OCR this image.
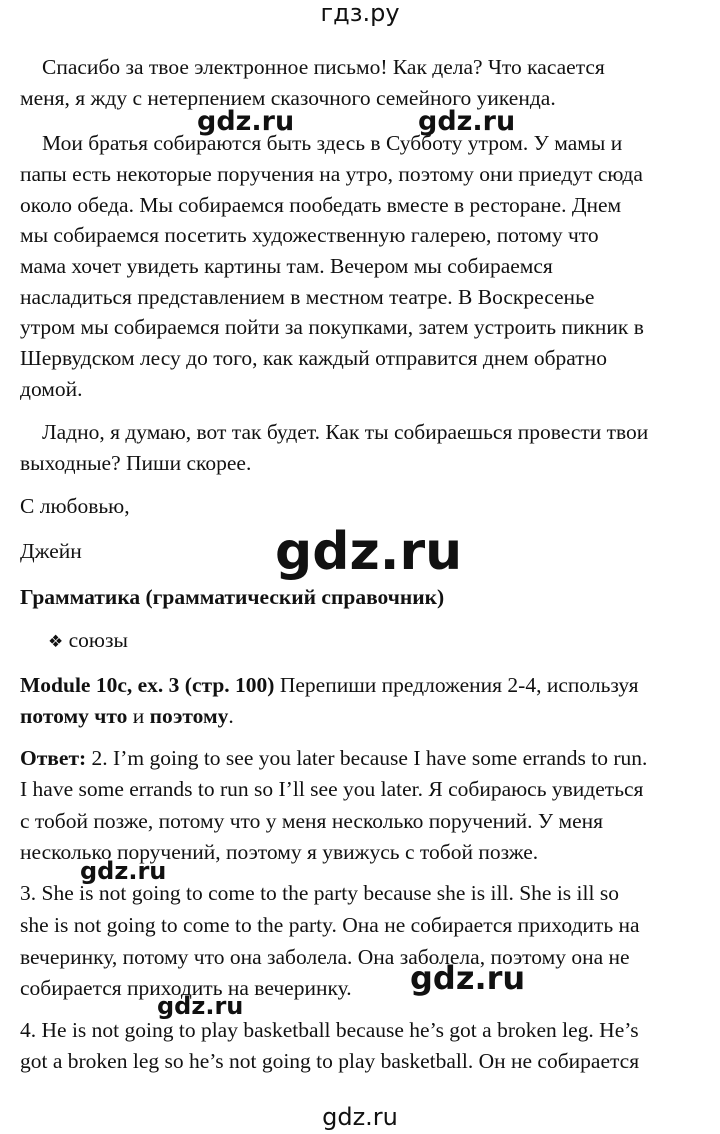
гдз.ру
Спасибо за твое электронное письмо! Как дела? Что касается
меня, я жду с нетерпением сказочного семейного уикенда.
Мои братья собираются быть здесь в Субботу утром. У мамы и
папы есть некоторые поручения на утро, поэтому они приедут сюда
около обеда. Мы собираемся пообедать вместе в ресторане. Днем
мы собираемся посетить художественную галерею, потому что
мама хочет увидеть картины там. Вечером мы собираемся
насладиться представлением в местном театре. В Воскресенье
утром мы собираемся пойти за покупками, затем устроить пикник в
Шервудском лесу до того, как каждый отправится днем обратно
домой.
Ладно, я думаю, вот так будет. Как ты собираешься провести твои
выходные? Пиши скорее.
С любовью,
Джейн
Грамматика (грамматический справочник)
❖ союзы
Module 10c, ex. 3 (стр. 100) Перепиши предложения 2-4, используя
потому что и поэтому.
Ответ: 2. I’m going to see you later because I have some errands to run.
I have some errands to run so I’ll see you later. Я собираюсь увидеться
с тобой позже, потому что у меня несколько поручений. У меня
несколько поручений, поэтому я увижусь с тобой позже.
3. She is not going to come to the party because she is ill. She is ill so
she is not going to come to the party. Она не собирается приходить на
вечеринку, потому что она заболела. Она заболела, поэтому она не
собирается приходить на вечеринку.
4. He is not going to play basketball because he’s got a broken leg. He’s
got a broken leg so he’s not going to play basketball. Он не собирается
gdz.ru	gdz.ru
gdz.ru
gdz.ru
gdz.ru
gdz.ru
gdz.ru
